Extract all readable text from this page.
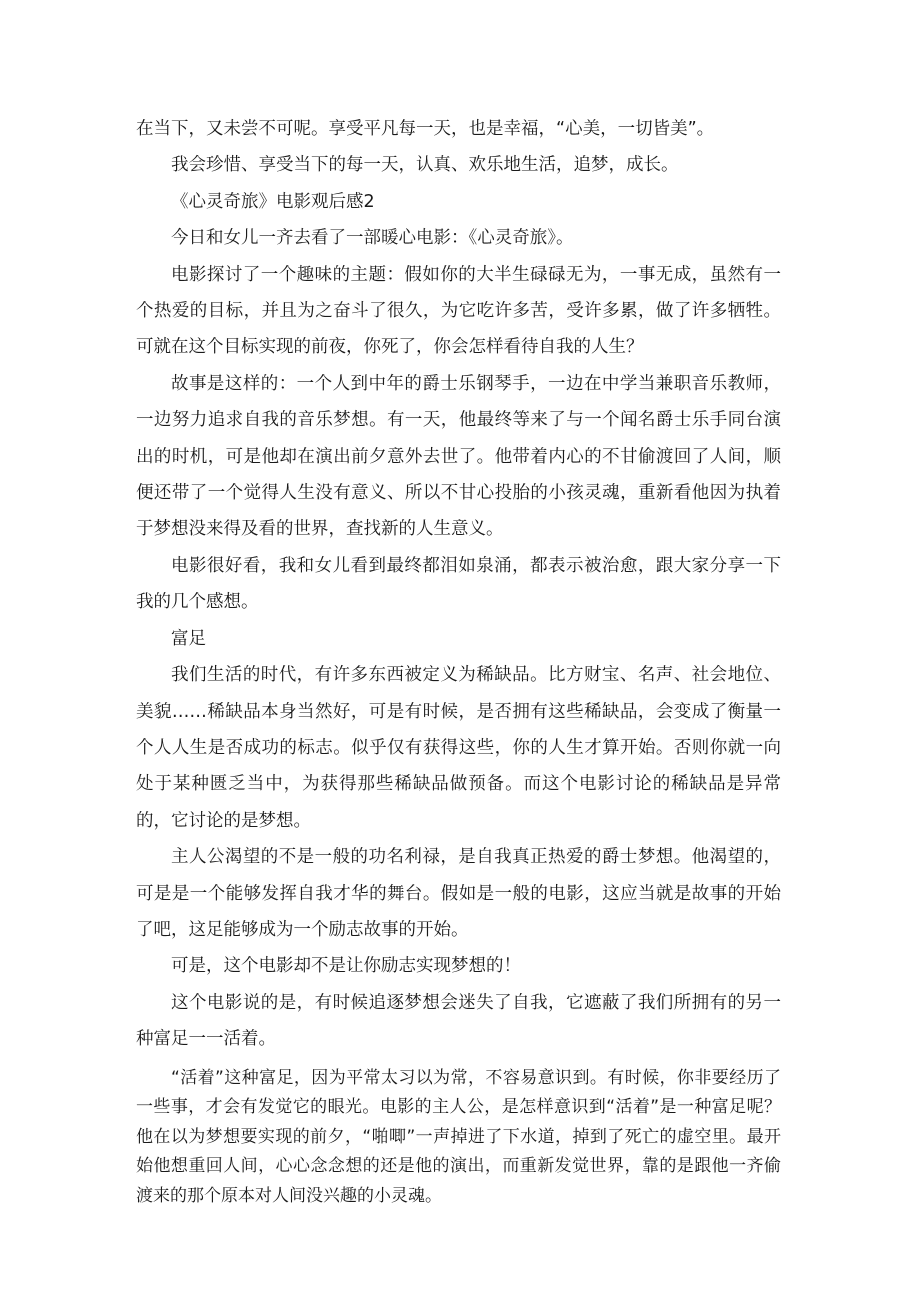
在当下，又未尝不可呢。享受平凡每一天，也是幸福，“心美，一切皆美”。

我会珍惜、享受当下的每一天，认真、欢乐地生活，追梦，成长。

《心灵奇旅》电影观后感2

今日和女儿一齐去看了一部暖心电影：《心灵奇旅》。

电影探讨了一个趣味的主题：假如你的大半生碌碌无为，一事无成，虽然有一个热爱的目标，并且为之奋斗了很久，为它吃许多苦，受许多累，做了许多牺牲。可就在这个目标实现的前夜，你死了，你会怎样看待自我的人生？

故事是这样的：一个人到中年的爵士乐钢琴手，一边在中学当兼职音乐教师，一边努力追求自我的音乐梦想。有一天，他最终等来了与一个闻名爵士乐手同台演出的时机，可是他却在演出前夕意外去世了。他带着内心的不甘偷渡回了人间，顺便还带了一个觉得人生没有意义、所以不甘心投胎的小孩灵魂，重新看他因为执着于梦想没来得及看的世界，查找新的人生意义。

电影很好看，我和女儿看到最终都泪如泉涌，都表示被治愈，跟大家分享一下我的几个感想。

富足

我们生活的时代，有许多东西被定义为稀缺品。比方财宝、名声、社会地位、美貌……稀缺品本身当然好，可是有时候，是否拥有这些稀缺品，会变成了衡量一个人人生是否成功的标志。似乎仅有获得这些，你的人生才算开始。否则你就一向处于某种匮乏当中，为获得那些稀缺品做预备。而这个电影讨论的稀缺品是异常的，它讨论的是梦想。

主人公渴望的不是一般的功名利禄，是自我真正热爱的爵士梦想。他渴望的，可是是一个能够发挥自我才华的舞台。假如是一般的电影，这应当就是故事的开始了吧，这足能够成为一个励志故事的开始。

可是，这个电影却不是让你励志实现梦想的！

这个电影说的是，有时候追逐梦想会迷失了自我，它遮蔽了我们所拥有的另一种富足一一活着。

“活着”这种富足，因为平常太习以为常，不容易意识到。有时候，你非要经历了一些事，才会有发觉它的眼光。电影的主人公，是怎样意识到“活着”是一种富足呢？他在以为梦想要实现的前夕，“啪唧”一声掉进了下水道，掉到了死亡的虚空里。最开始他想重回人间，心心念念想的还是他的演出，而重新发觉世界，靠的是跟他一齐偷渡来的那个原本对人间没兴趣的小灵魂。
